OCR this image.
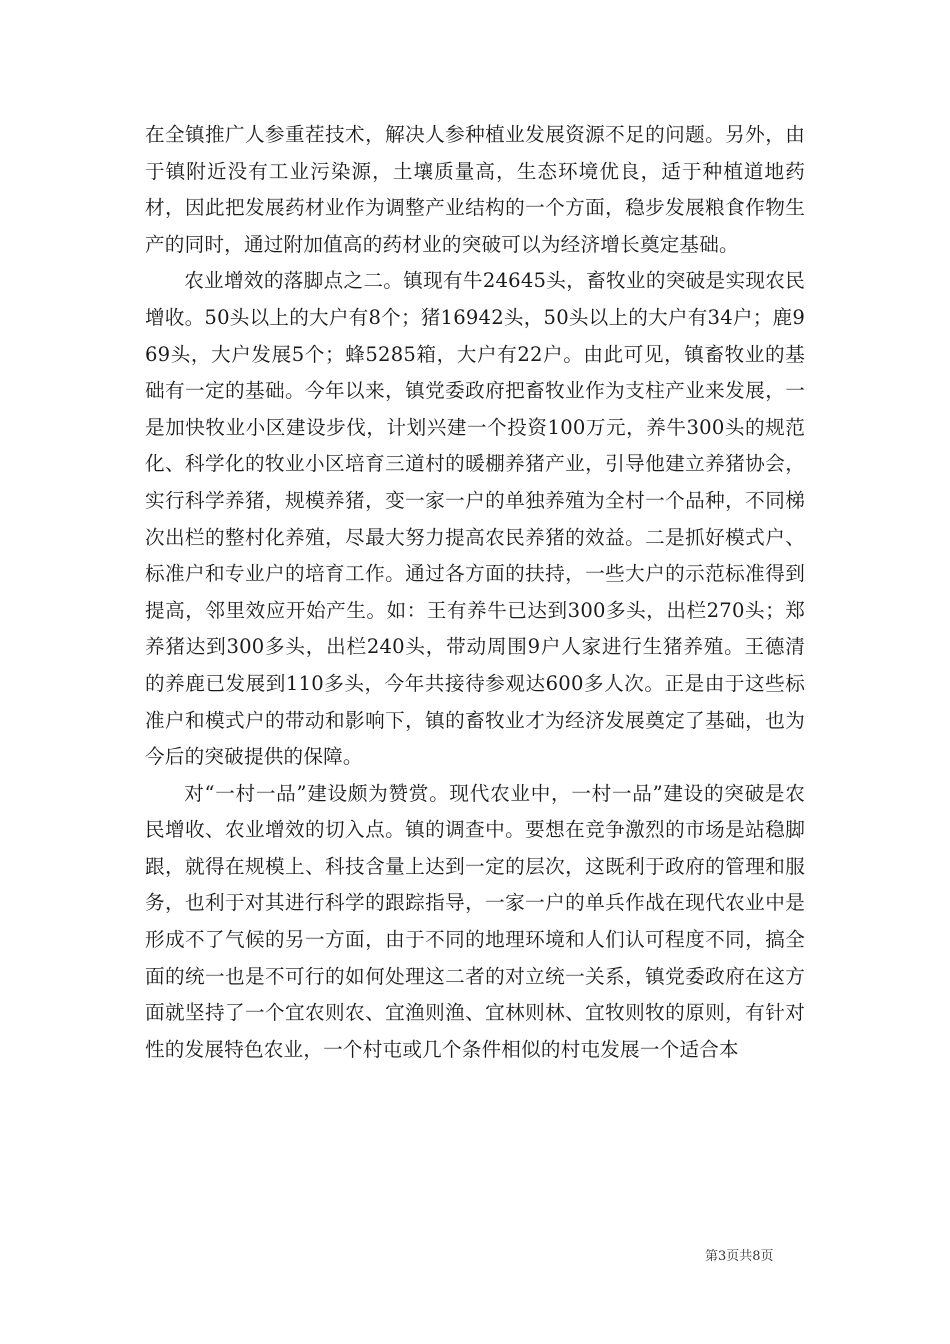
在全镇推广人参重茬技术，解决人参种植业发展资源不足的问题。另外，由于镇附近没有工业污染源，土壤质量高，生态环境优良，适于种植道地药材，因此把发展药材业作为调整产业结构的一个方面，稳步发展粮食作物生产的同时，通过附加值高的药材业的突破可以为经济增长奠定基础。

农业增效的落脚点之二。镇现有牛24645头，畜牧业的突破是实现农民增收。50头以上的大户有8个；猪16942头，50头以上的大户有34户；鹿969头，大户发展5个；蜂5285箱，大户有22户。由此可见，镇畜牧业的基础有一定的基础。今年以来，镇党委政府把畜牧业作为支柱产业来发展，一是加快牧业小区建设步伐，计划兴建一个投资100万元，养牛300头的规范化、科学化的牧业小区培育三道村的暖棚养猪产业，引导他建立养猪协会，实行科学养猪，规模养猪，变一家一户的单独养殖为全村一个品种，不同梯次出栏的整村化养殖，尽最大努力提高农民养猪的效益。二是抓好模式户、标准户和专业户的培育工作。通过各方面的扶持，一些大户的示范标准得到提高，邻里效应开始产生。如：王有养牛已达到300多头，出栏270头；郑养猪达到300多头，出栏240头，带动周围9户人家进行生猪养殖。王德清的养鹿已发展到110多头，今年共接待参观达600多人次。正是由于这些标准户和模式户的带动和影响下，镇的畜牧业才为经济发展奠定了基础，也为今后的突破提供的保障。

对“一村一品”建设颇为赞赏。现代农业中，一村一品”建设的突破是农民增收、农业增效的切入点。镇的调查中。要想在竞争激烈的市场是站稳脚跟，就得在规模上、科技含量上达到一定的层次，这既利于政府的管理和服务，也利于对其进行科学的跟踪指导，一家一户的单兵作战在现代农业中是形成不了气候的另一方面，由于不同的地理环境和人们认可程度不同，搞全面的统一也是不可行的如何处理这二者的对立统一关系，镇党委政府在这方面就坚持了一个宜农则农、宜渔则渔、宜林则林、宜牧则牧的原则，有针对性的发展特色农业，一个村屯或几个条件相似的村屯发展一个适合本

第3页共8页
